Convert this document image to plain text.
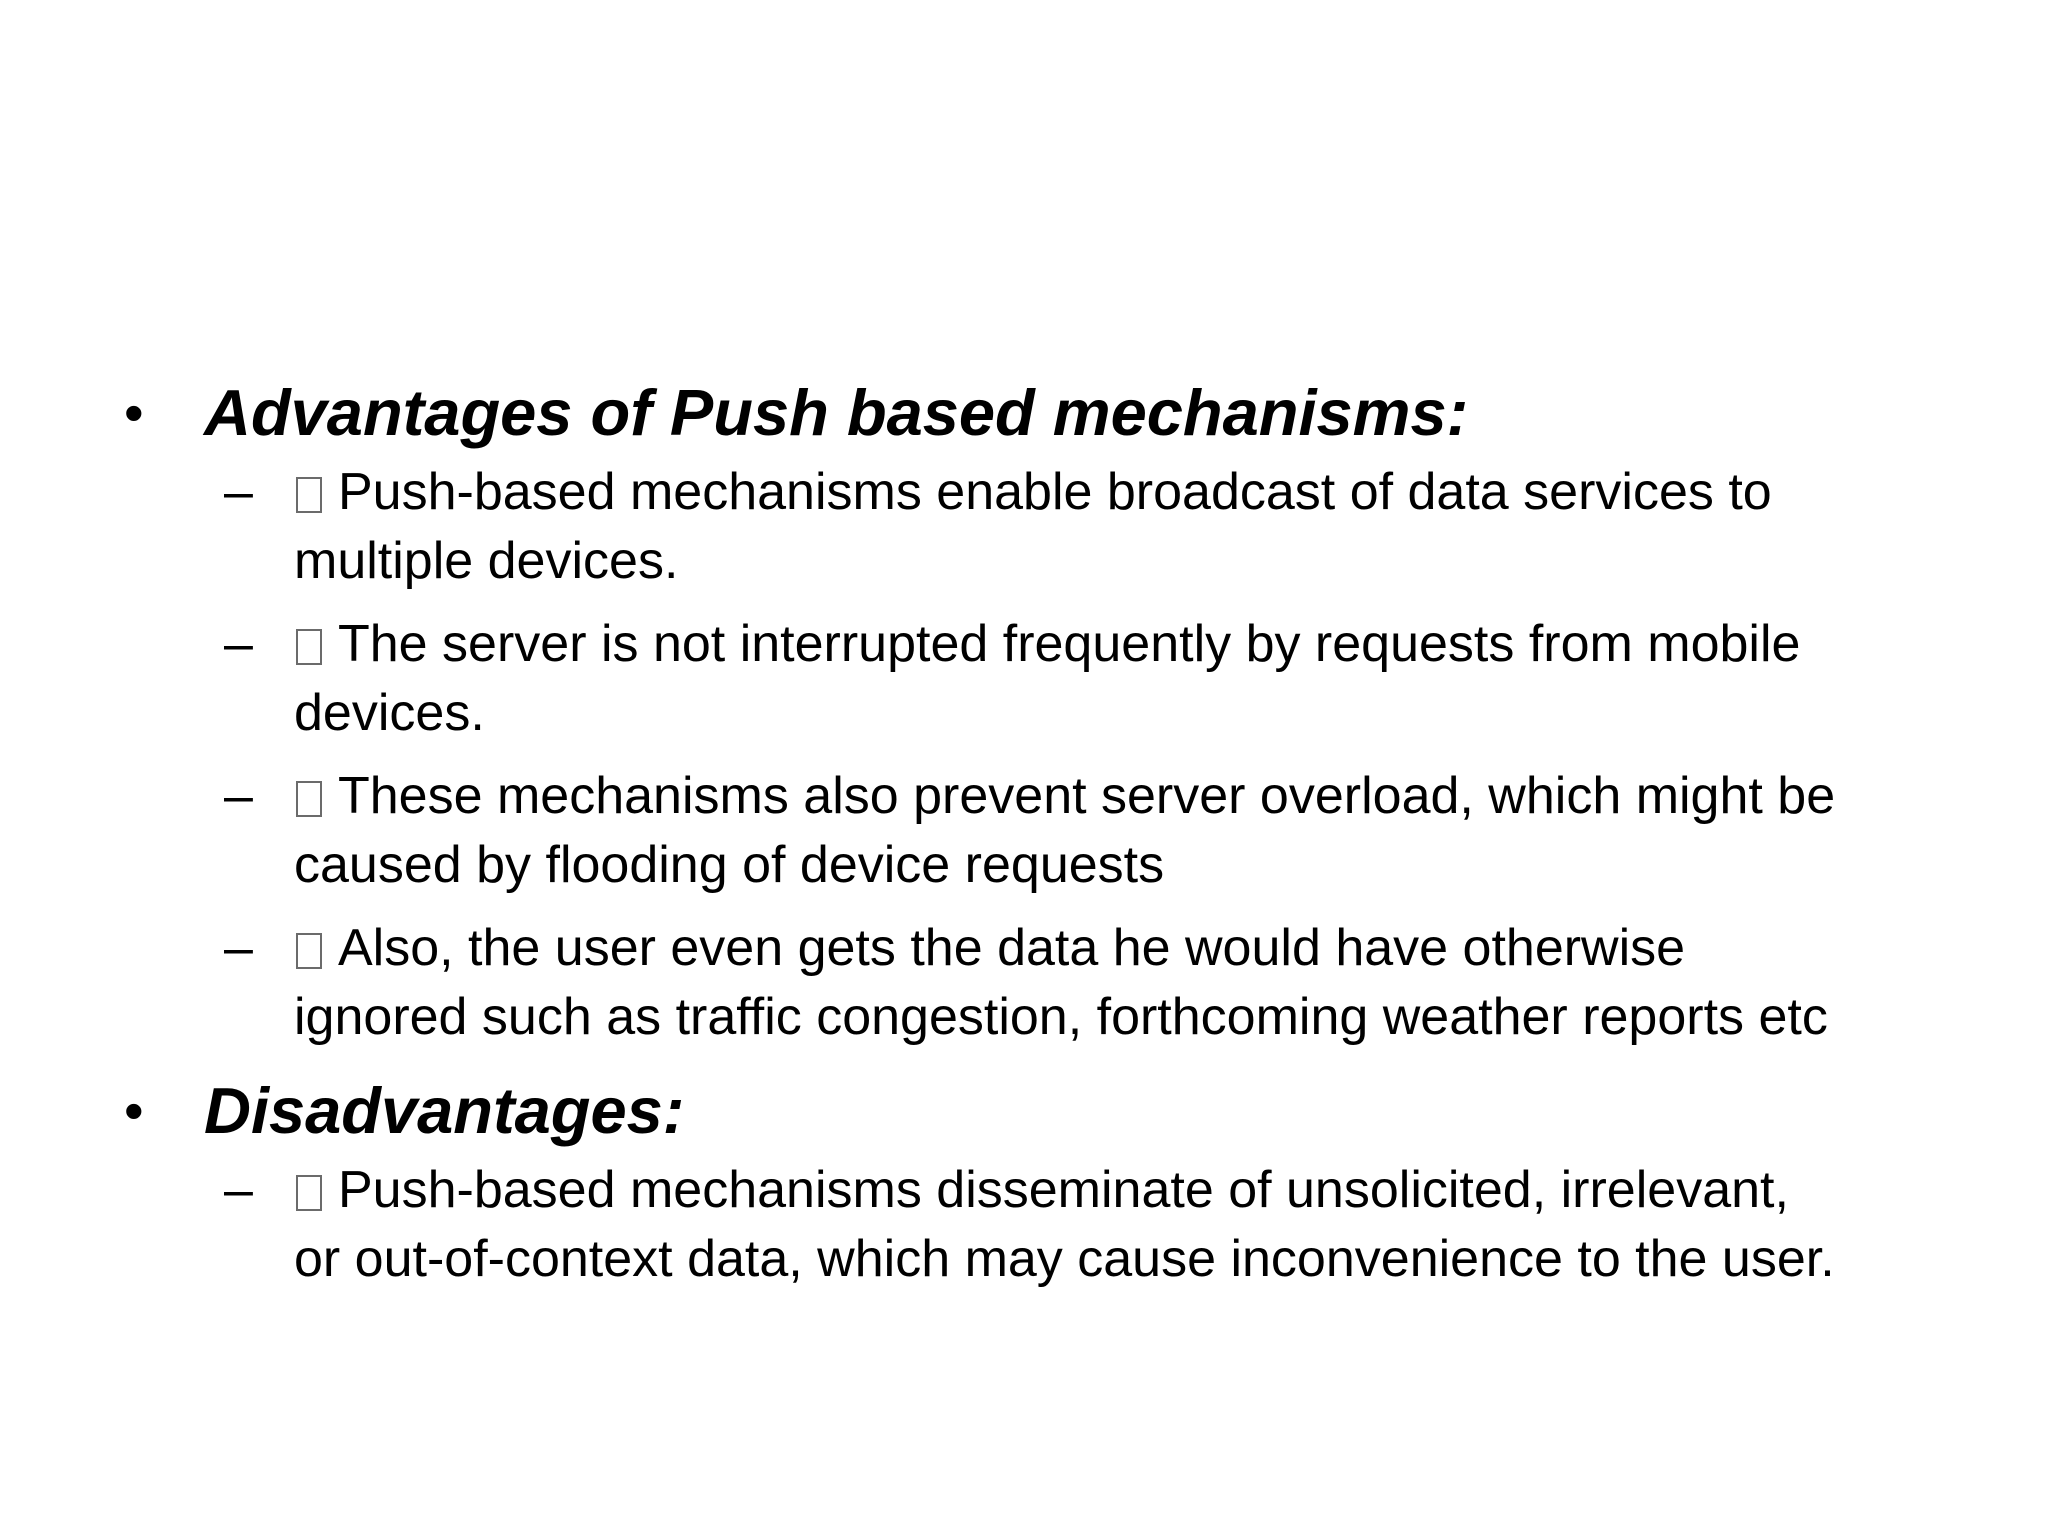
• Advantages of Push based mechanisms:
– Push-based mechanisms enable broadcast of data services to multiple devices.
– The server is not interrupted frequently by requests from mobile devices.
– These mechanisms also prevent server overload, which might be caused by flooding of device requests
– Also, the user even gets the data he would have otherwise ignored such as traffic congestion, forthcoming weather reports etc
• Disadvantages:
– Push-based mechanisms disseminate of unsolicited, irrelevant, or out-of-context data, which may cause inconvenience to the user.
